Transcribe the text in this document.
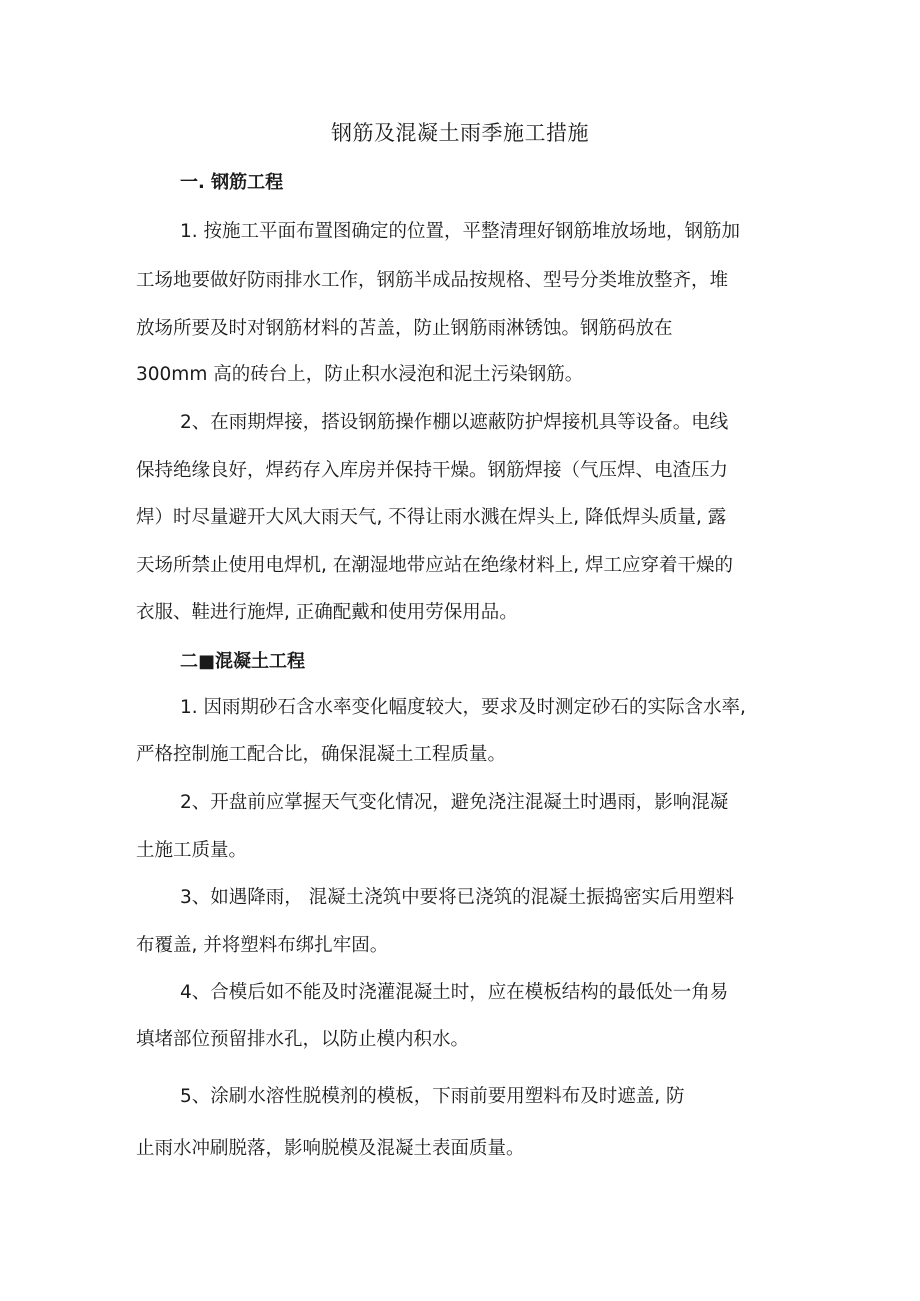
钢筋及混凝土雨季施工措施
一. 钢筋工程
1. 按施工平面布置图确定的位置，平整清理好钢筋堆放场地，钢筋加
工场地要做好防雨排水工作，钢筋半成品按规格、型号分类堆放整齐，堆
放场所要及时对钢筋材料的苫盖，防止钢筋雨淋锈蚀。钢筋码放在
300mm 高的砖台上，防止积水浸泡和泥土污染钢筋。
2、在雨期焊接，搭设钢筋操作棚以遮蔽防护焊接机具等设备。电线
保持绝缘良好，焊药存入库房并保持干燥。钢筋焊接（气压焊、电渣压力
焊）时尽量避开大风大雨天气, 不得让雨水溅在焊头上, 降低焊头质量, 露
天场所禁止使用电焊机, 在潮湿地带应站在绝缘材料上, 焊工应穿着干燥的
衣服、鞋进行施焊, 正确配戴和使用劳保用品。
二■混凝土工程
1. 因雨期砂石含水率变化幅度较大，要求及时测定砂石的实际含水率,
严格控制施工配合比，确保混凝土工程质量。
2、开盘前应掌握天气变化情况，避免浇注混凝土时遇雨，影响混凝
土施工质量。
3、如遇降雨， 混凝土浇筑中要将已浇筑的混凝土振捣密实后用塑料
布覆盖, 并将塑料布绑扎牢固。
4、合模后如不能及时浇灌混凝土时，应在模板结构的最低处一角易
填堵部位预留排水孔，以防止模内积水。
5、涂刷水溶性脱模剂的模板，下雨前要用塑料布及时遮盖, 防
止雨水冲刷脱落，影响脱模及混凝土表面质量。
